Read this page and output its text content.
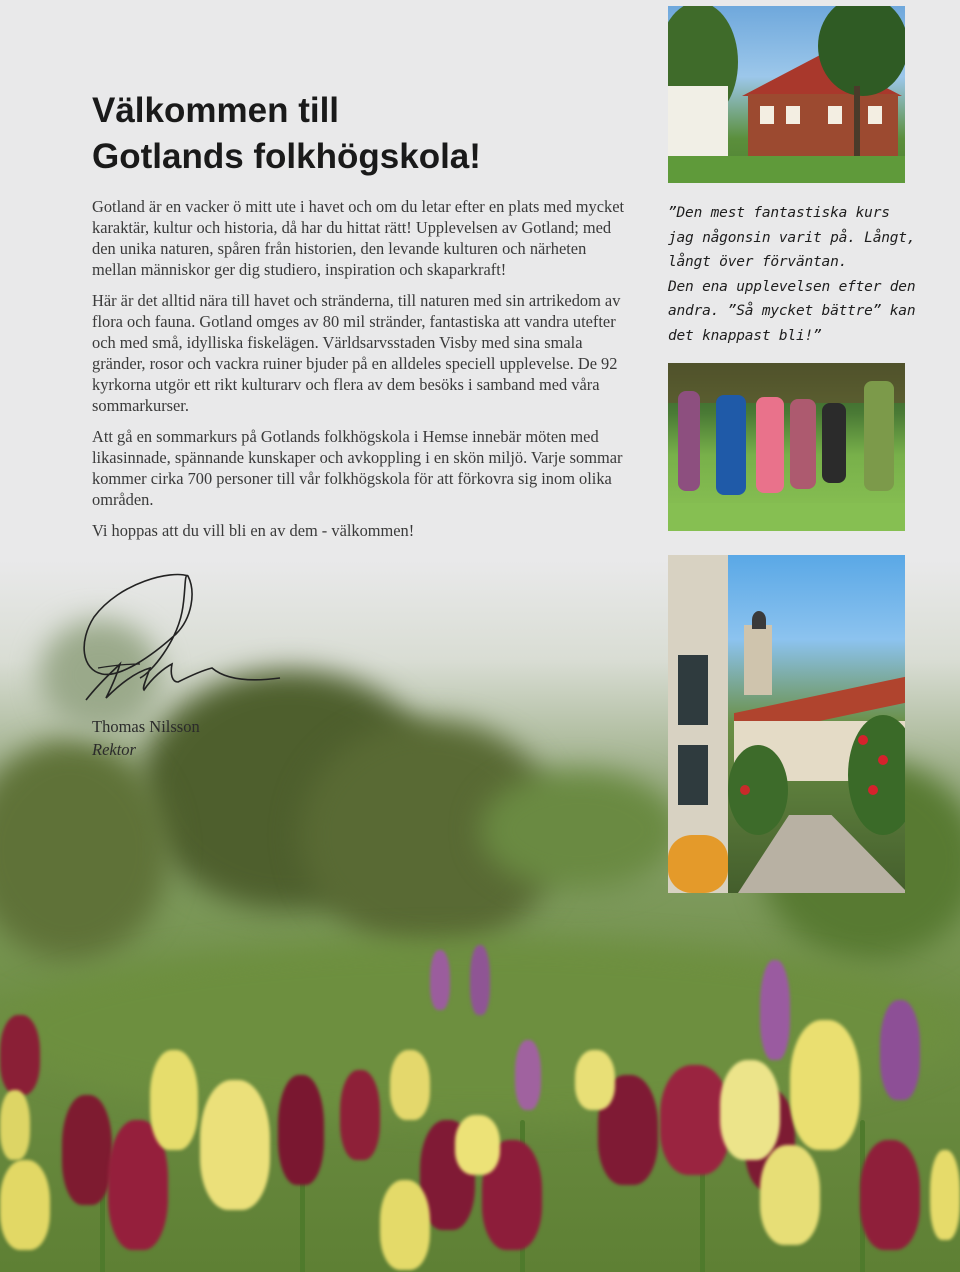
Välkommen till
Gotlands folkhögskola!

Gotland är en vacker ö mitt ute i havet och om du letar efter en plats med mycket karaktär, kultur och historia, då har du hittat rätt! Upplevelsen av Gotland; med den unika naturen, spåren från historien, den levande kulturen och närheten mellan människor ger dig studiero, inspiration och skaparkraft!

Här är det alltid nära till havet och stränderna, till naturen med sin artrikedom av flora och fauna. Gotland omges av 80 mil stränder, fantastiska att vandra utefter och med små, idylliska fiskelägen. Världsarvsstaden Visby med sina smala gränder, rosor och vackra ruiner bjuder på en alldeles speciell upplevelse. De 92 kyrkorna utgör ett rikt kulturarv och flera av dem besöks i samband med våra sommarkurser.

Att gå en sommarkurs på Gotlands folkhögskola i Hemse innebär möten med likasinnade, spännande kunskaper och avkoppling i en skön miljö. Varje sommar kommer cirka 700 personer till vår folkhögskola för att förkovra sig inom olika områden.

Vi hoppas att du vill bli en av dem - välkommen!

Thomas Nilsson
Rektor

”Den mest fantastiska kurs jag någonsin varit på. Långt, långt över förväntan.

Den ena upplevelsen efter den andra. ”Så mycket bättre” kan det knappast bli!”
